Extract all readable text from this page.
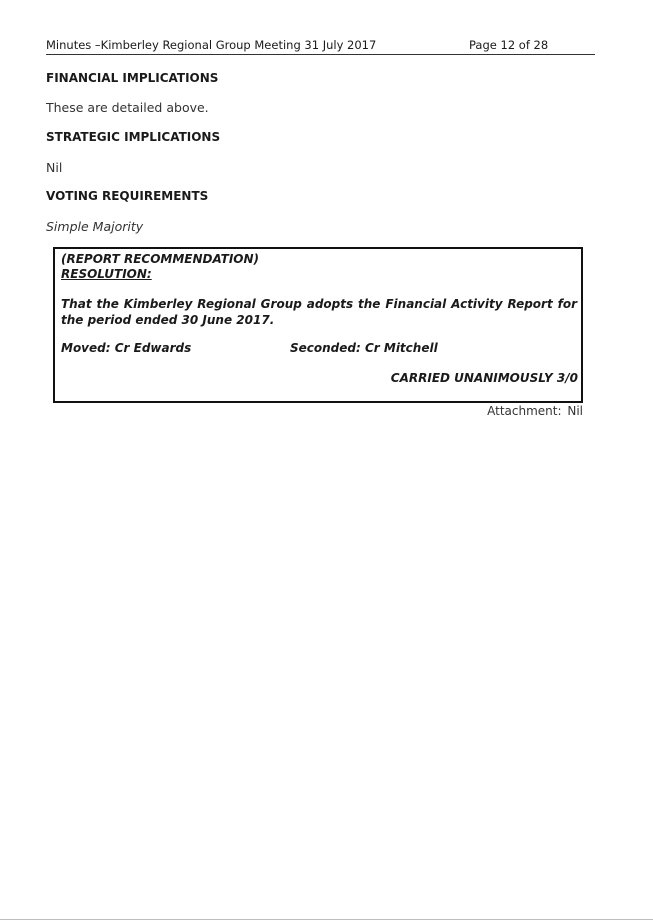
Minutes –Kimberley Regional Group Meeting 31 July 2017	Page 12 of 28
FINANCIAL IMPLICATIONS
These are detailed above.
STRATEGIC IMPLICATIONS
Nil
VOTING REQUIREMENTS
Simple Majority
(REPORT RECOMMENDATION)
RESOLUTION:
That the Kimberley Regional Group adopts the Financial Activity Report for the period ended 30 June 2017.
Moved: Cr Edwards	Seconded: Cr Mitchell
CARRIED UNANIMOUSLY 3/0
Attachment: Nil
